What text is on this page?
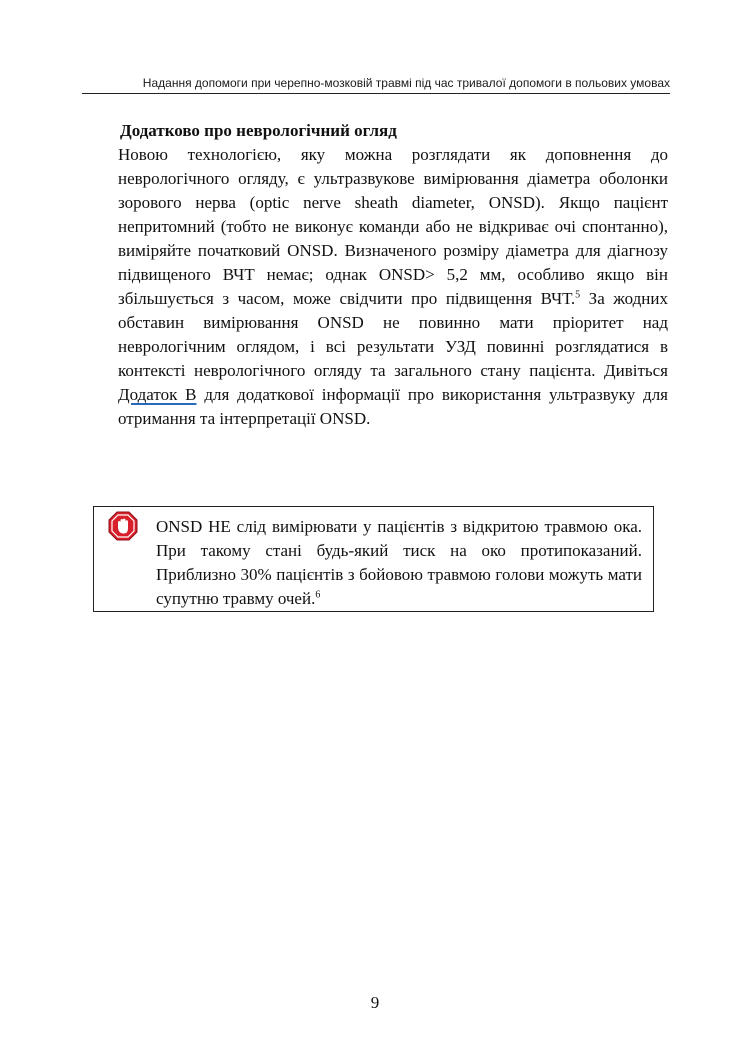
Надання допомоги при черепно-мозковій травмі під час тривалої допомоги в польових умовах
Додатково про неврологічний огляд

Новою технологією, яку можна розглядати як доповнення до неврологічного огляду, є ультразвукове вимірювання діаметра оболонки зорового нерва (optic nerve sheath diameter, ONSD). Якщо пацієнт непритомний (тобто не виконує команди або не відкриває очі спонтанно), виміряйте початковий ONSD. Визначеного розміру діаметра для діагнозу підвищеного ВЧТ немає; однак ONSD> 5,2 мм, особливо якщо він збільшується з часом, може свідчити про підвищення ВЧТ.$^5$ За жодних обставин вимірювання ONSD не повинно мати пріоритет над неврологічним оглядом, і всі результати УЗД повинні розглядатися в контексті неврологічного огляду та загального стану пацієнта. Дивіться Додаток В для додаткової інформації про використання ультразвуку для отримання та інтерпретації ONSD.

ONSD НЕ слід вимірювати у пацієнтів з відкритою травмою ока. При такому стані будь-який тиск на око протипоказаний. Приблизно 30% пацієнтів з бойовою травмою голови можуть мати супутню травму очей.$^6$

9
